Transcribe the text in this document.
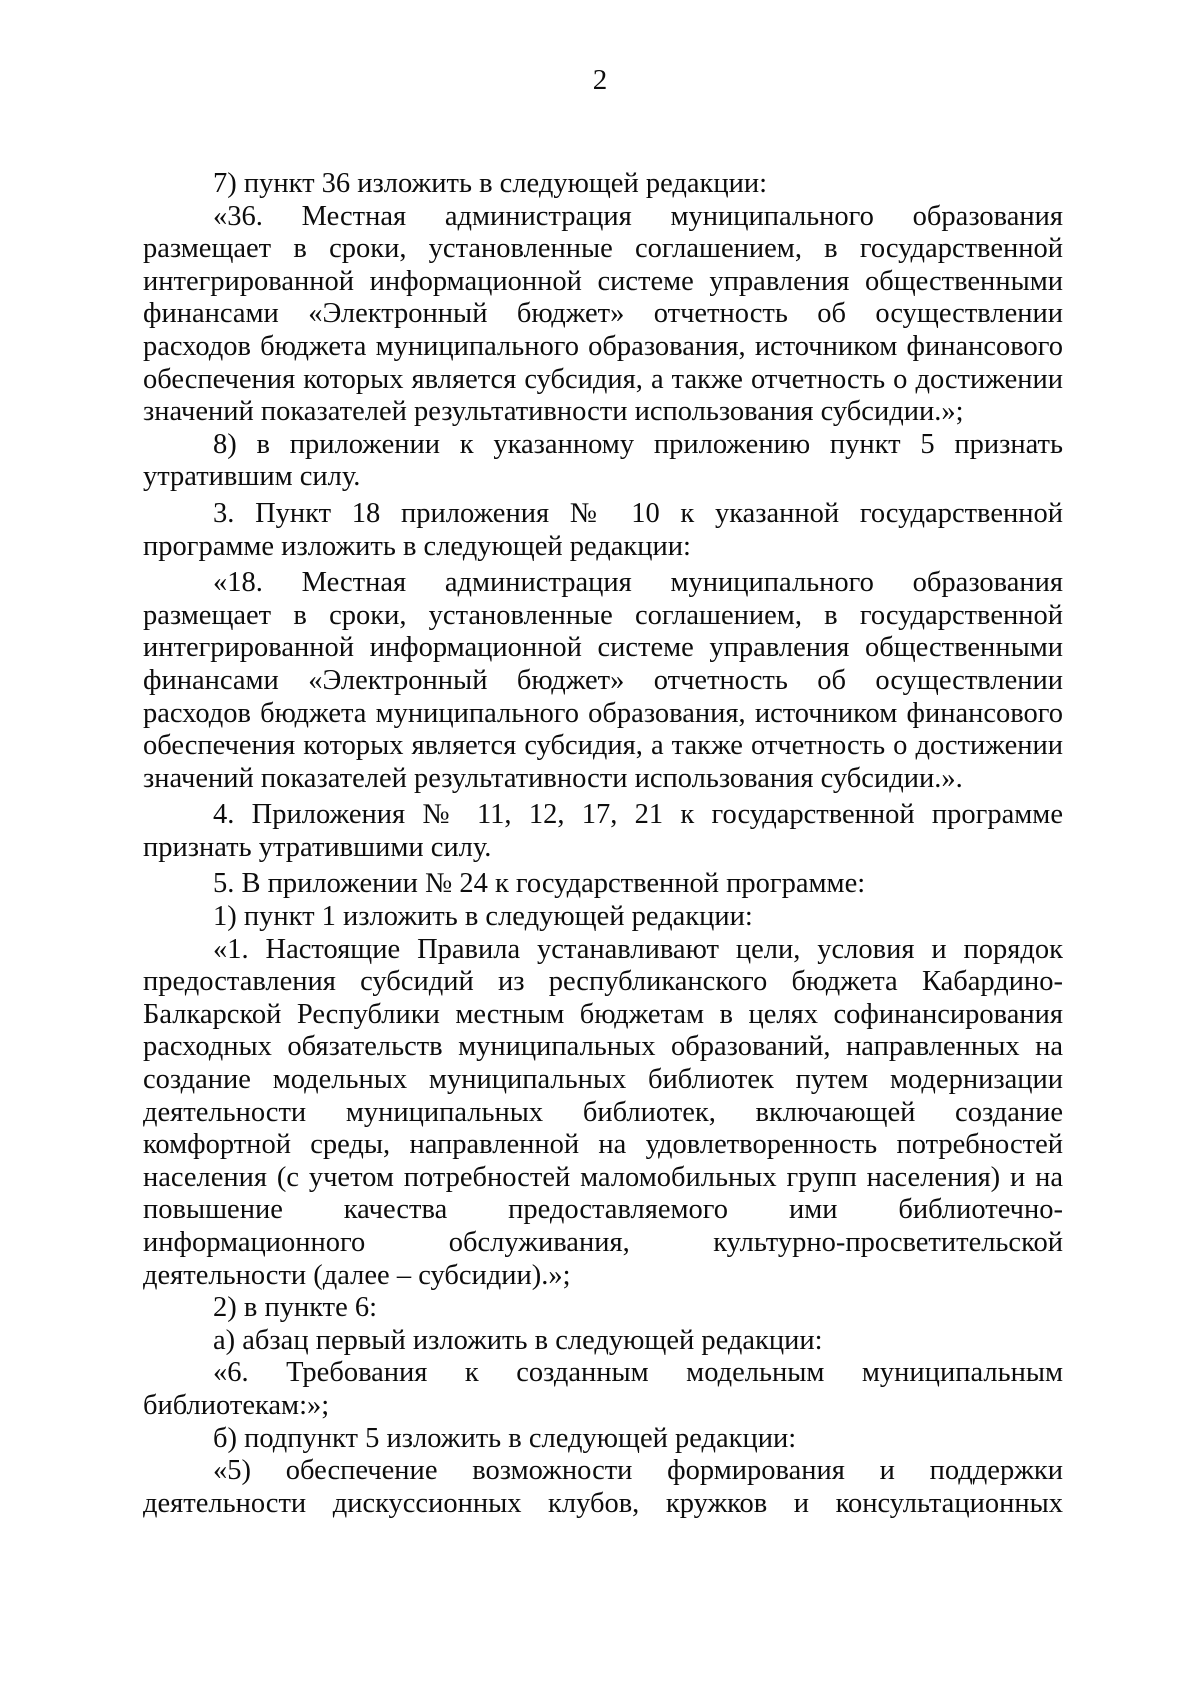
2

7) пункт 36 изложить в следующей редакции:

«36. Местная администрация муниципального образования размещает в сроки, установленные соглашением, в государственной интегрированной информационной системе управления общественными финансами «Электронный бюджет» отчетность об осуществлении расходов бюджета муниципального образования, источником финансового обеспечения которых является субсидия, а также отчетность о достижении значений показателей результативности использования субсидии.»;

8) в приложении к указанному приложению пункт 5 признать утратившим силу.

3. Пункт 18 приложения № 10 к указанной государственной программе изложить в следующей редакции:

«18. Местная администрация муниципального образования размещает в сроки, установленные соглашением, в государственной интегрированной информационной системе управления общественными финансами «Электронный бюджет» отчетность об осуществлении расходов бюджета муниципального образования, источником финансового обеспечения которых является субсидия, а также отчетность о достижении значений показателей результативности использования субсидии.».

4. Приложения № 11, 12, 17, 21 к государственной программе признать утратившими силу.

5. В приложении № 24 к государственной программе:

1) пункт 1 изложить в следующей редакции:

«1. Настоящие Правила устанавливают цели, условия и порядок предоставления субсидий из республиканского бюджета Кабардино-Балкарской Республики местным бюджетам в целях софинансирования расходных обязательств муниципальных образований, направленных на создание модельных муниципальных библиотек путем модернизации деятельности муниципальных библиотек, включающей создание комфортной среды, направленной на удовлетворенность потребностей населения (с учетом потребностей маломобильных групп населения) и на повышение качества предоставляемого ими библиотечно-информационного обслуживания, культурно-просветительской деятельности (далее – субсидии).»;

2) в пункте 6:

а) абзац первый изложить в следующей редакции:

«6. Требования к созданным модельным муниципальным библиотекам:»;

б) подпункт 5 изложить в следующей редакции:

«5) обеспечение возможности формирования и поддержки деятельности дискуссионных клубов, кружков и консультационных
